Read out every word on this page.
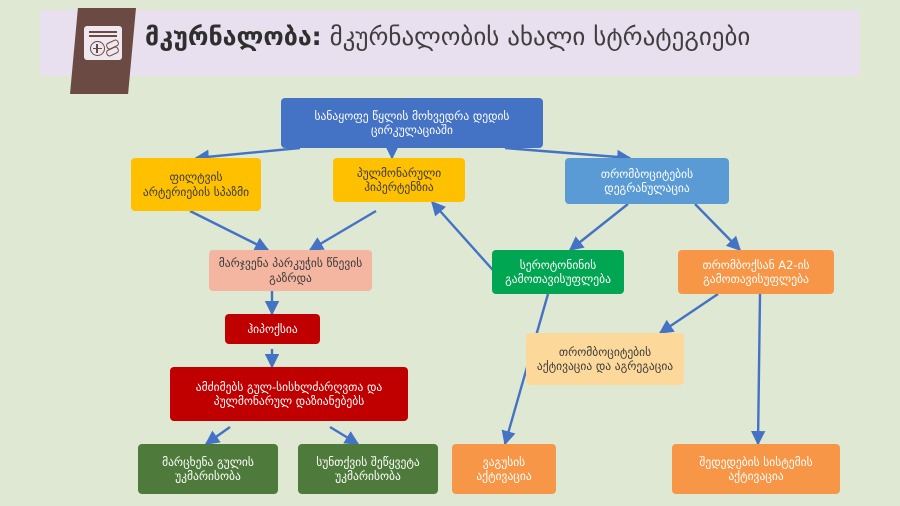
მკურნალობა: მკურნალობის ახალი სტრატეგიები
სანაყოფე წყლის მოხვედრა დედის ცირკულაციაში
ფილტვის არტერიების სპაზმი
პულმონარული ჰიპერტენზია
თრომბოციტების დეგრანულაცია
მარჯვენა პარკუჭის წნევის გაზრდა
სეროტონინის გამოთავისუფლება
თრომბოქსან A2-ის გამოთავისუფლება
ჰიპოქსია
თრომბოციტების აქტივაცია და აგრეგაცია
ამძიმებს გულ-სისხლძარღვთა და პულმონარულ დაზიანებებს
მარცხენა გულის უკმარისობა
სუნთქვის შეწყვეტა უკმარისობა
ვაგუსის აქტივაცია
შედედების სისტემის აქტივაცია
